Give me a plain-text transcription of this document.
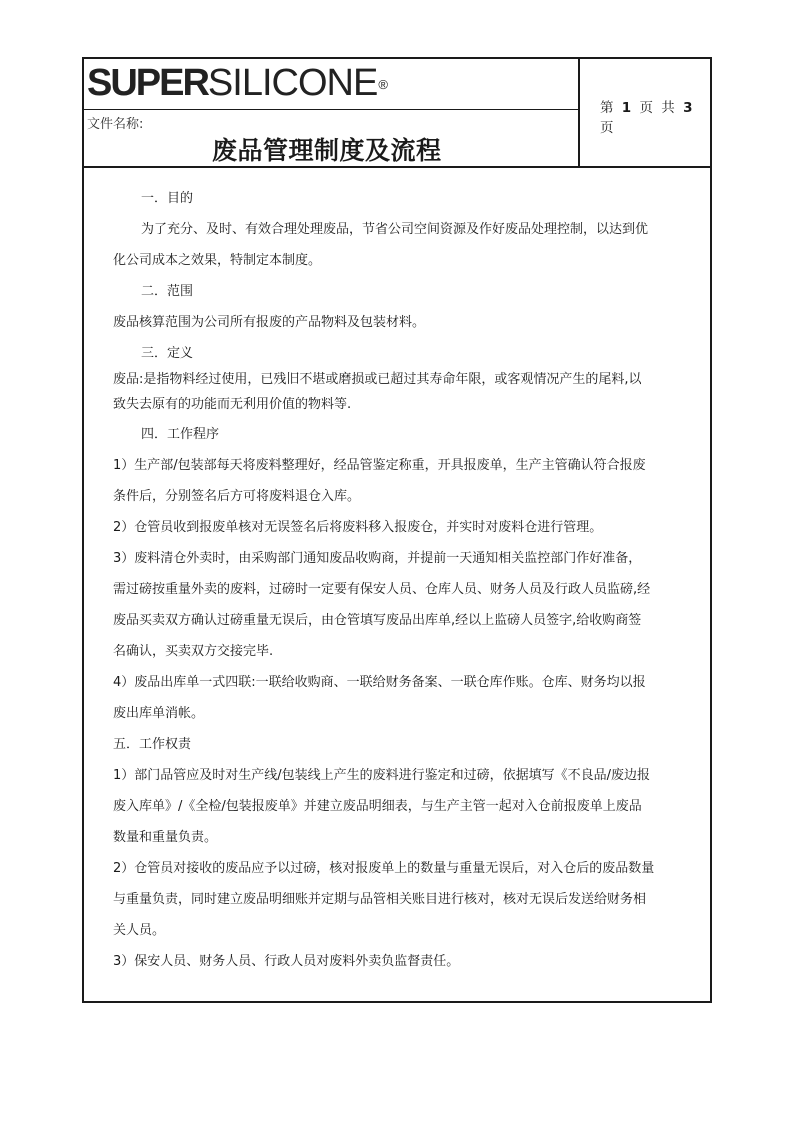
SUPERSILICONE®
文件名称:
废品管理制度及流程
第 1 页 共 3 页
一．目的
为了充分、及时、有效合理处理废品，节省公司空间资源及作好废品处理控制，以达到优
化公司成本之效果，特制定本制度。
二．范围
废品核算范围为公司所有报废的产品物料及包装材料。
三．定义
废品:是指物料经过使用，已残旧不堪或磨损或已超过其寿命年限，或客观情况产生的尾料,以
致失去原有的功能而无利用价值的物料等.
四．工作程序
1）生产部/包装部每天将废料整理好，经品管鉴定称重，开具报废单，生产主管确认符合报废
条件后，分别签名后方可将废料退仓入库。
2）仓管员收到报废单核对无误签名后将废料移入报废仓，并实时对废料仓进行管理。
3）废料清仓外卖时，由采购部门通知废品收购商，并提前一天通知相关监控部门作好准备，
需过磅按重量外卖的废料，过磅时一定要有保安人员、仓库人员、财务人员及行政人员监磅,经
废品买卖双方确认过磅重量无误后，由仓管填写废品出库单,经以上监磅人员签字,给收购商签
名确认，买卖双方交接完毕.
4）废品出库单一式四联:一联给收购商、一联给财务备案、一联仓库作账。仓库、财务均以报
废出库单消帐。
五．工作权责
1）部门品管应及时对生产线/包装线上产生的废料进行鉴定和过磅，依据填写《不良品/废边报
废入库单》/《全检/包装报废单》并建立废品明细表，与生产主管一起对入仓前报废单上废品
数量和重量负责。
2）仓管员对接收的废品应予以过磅，核对报废单上的数量与重量无误后，对入仓后的废品数量
与重量负责，同时建立废品明细账并定期与品管相关账目进行核对，核对无误后发送给财务相
关人员。
3）保安人员、财务人员、行政人员对废料外卖负监督责任。
